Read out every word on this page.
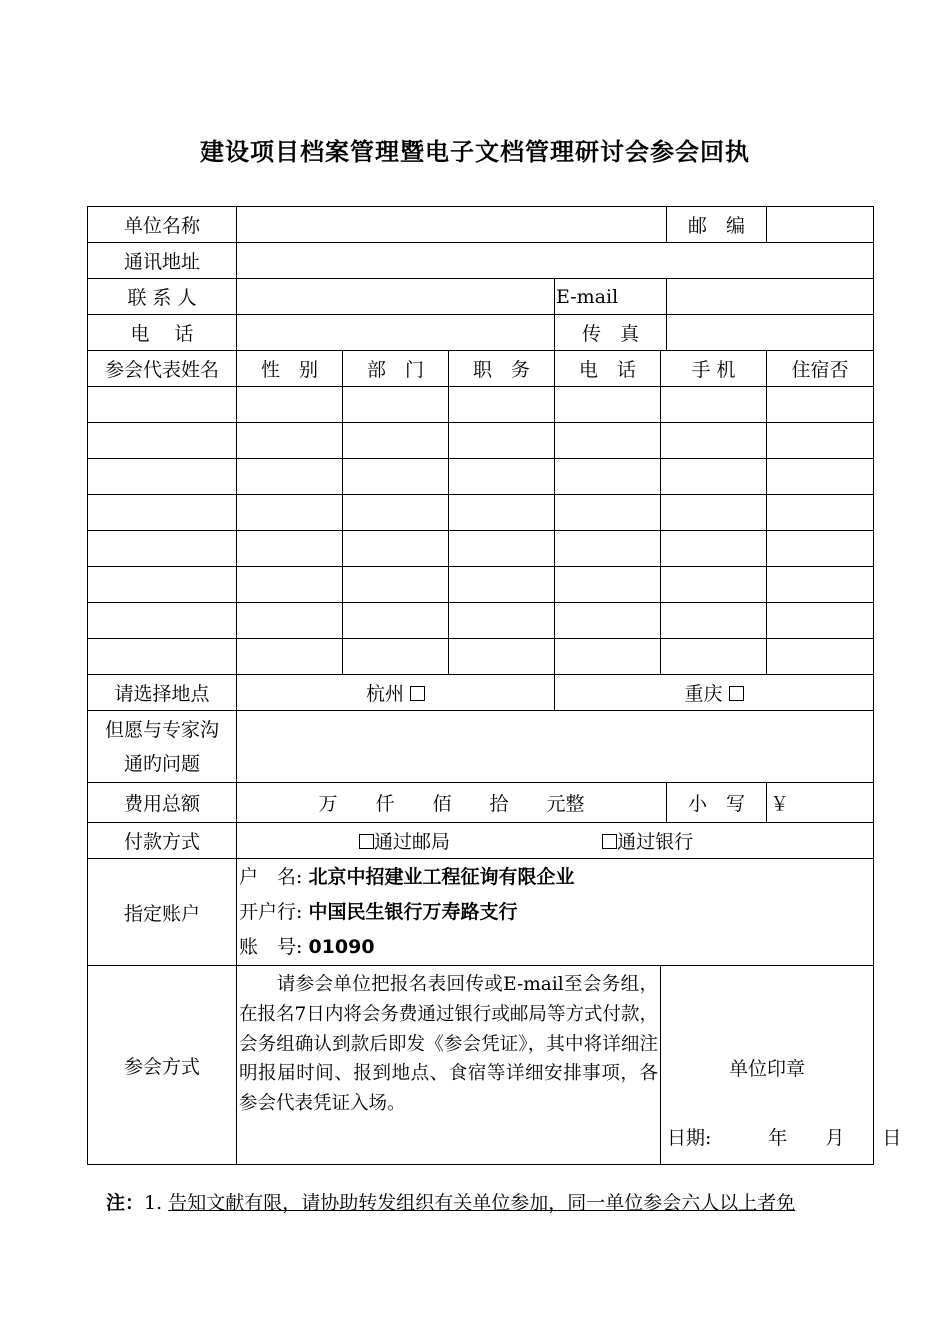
建设项目档案管理暨电子文档管理研讨会参会回执
单位名称						邮　编	
通讯地址							
联 系 人				E-mail			
电　 话				传　真			
参会代表姓名	性　别	部　门	职　务	电　话	手 机		住宿否

请选择地点	杭州			重庆			

但愿与专家沟
通旳问题							

费用总额	万　　仟　　佰　　拾　　元整					小　写	￥
付款方式	通过邮局 通过银行						
指定账户	户　名: 北京中招建业工程征询有限企业
开户行: 中国民生银行万寿路支行
账　号: 01090						

参会方式	　　请参会单位把报名表回传或E-mail至会务组，在报名7日内将会务费通过银行或邮局等方式付款，会务组确认到款后即发《参会凭证》，其中将详细注明报届时间、报到地点、食宿等详细安排事项，各参会代表凭证入场。				单位印章
日期:　　　年　　月　　日		
注：1. 告知文献有限，请协助转发组织有关单位参加，同一单位参会六人以上者免
